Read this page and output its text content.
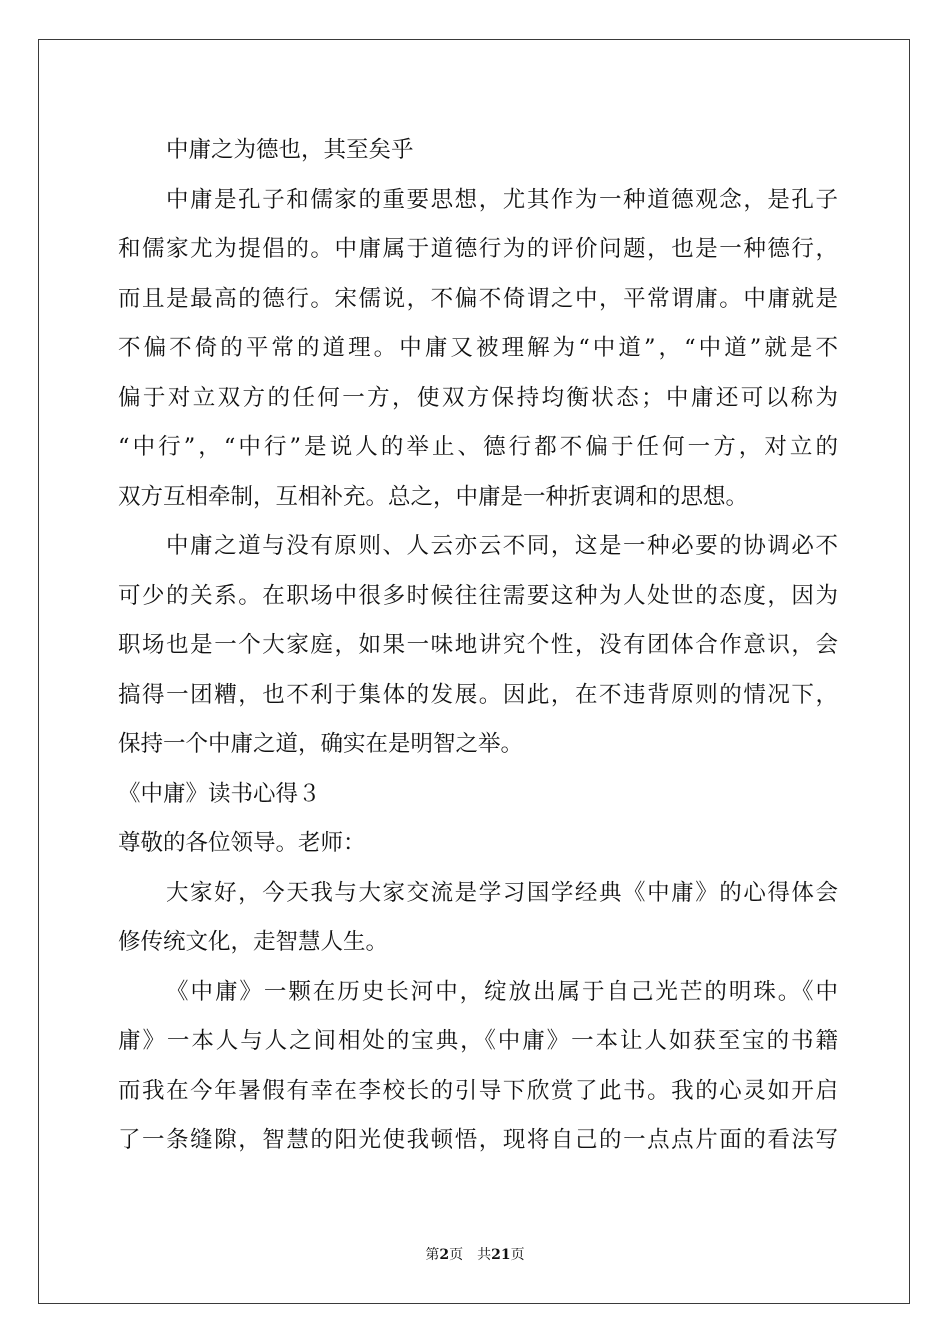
中庸之为德也，其至矣乎
中庸是孔子和儒家的重要思想，尤其作为一种道德观念，是孔子
和儒家尤为提倡的。中庸属于道德行为的评价问题，也是一种德行，
而且是最高的德行。宋儒说，不偏不倚谓之中，平常谓庸。中庸就是
不偏不倚的平常的道理。中庸又被理解为“中道”，“中道”就是不
偏于对立双方的任何一方，使双方保持均衡状态；中庸还可以称为
“中行”，“中行”是说人的举止、德行都不偏于任何一方，对立的
双方互相牵制，互相补充。总之，中庸是一种折衷调和的思想。
中庸之道与没有原则、人云亦云不同，这是一种必要的协调必不
可少的关系。在职场中很多时候往往需要这种为人处世的态度，因为
职场也是一个大家庭，如果一味地讲究个性，没有团体合作意识，会
搞得一团糟，也不利于集体的发展。因此，在不违背原则的情况下，
保持一个中庸之道，确实在是明智之举。
《中庸》读书心得３
尊敬的各位领导。老师：
大家好，今天我与大家交流是学习国学经典《中庸》的心得体会
修传统文化，走智慧人生。
《中庸》一颗在历史长河中，绽放出属于自己光芒的明珠。《中
庸》一本人与人之间相处的宝典，《中庸》一本让人如获至宝的书籍
而我在今年暑假有幸在李校长的引导下欣赏了此书。我的心灵如开启
了一条缝隙，智慧的阳光使我顿悟，现将自己的一点点片面的看法写
第2页　共21页
